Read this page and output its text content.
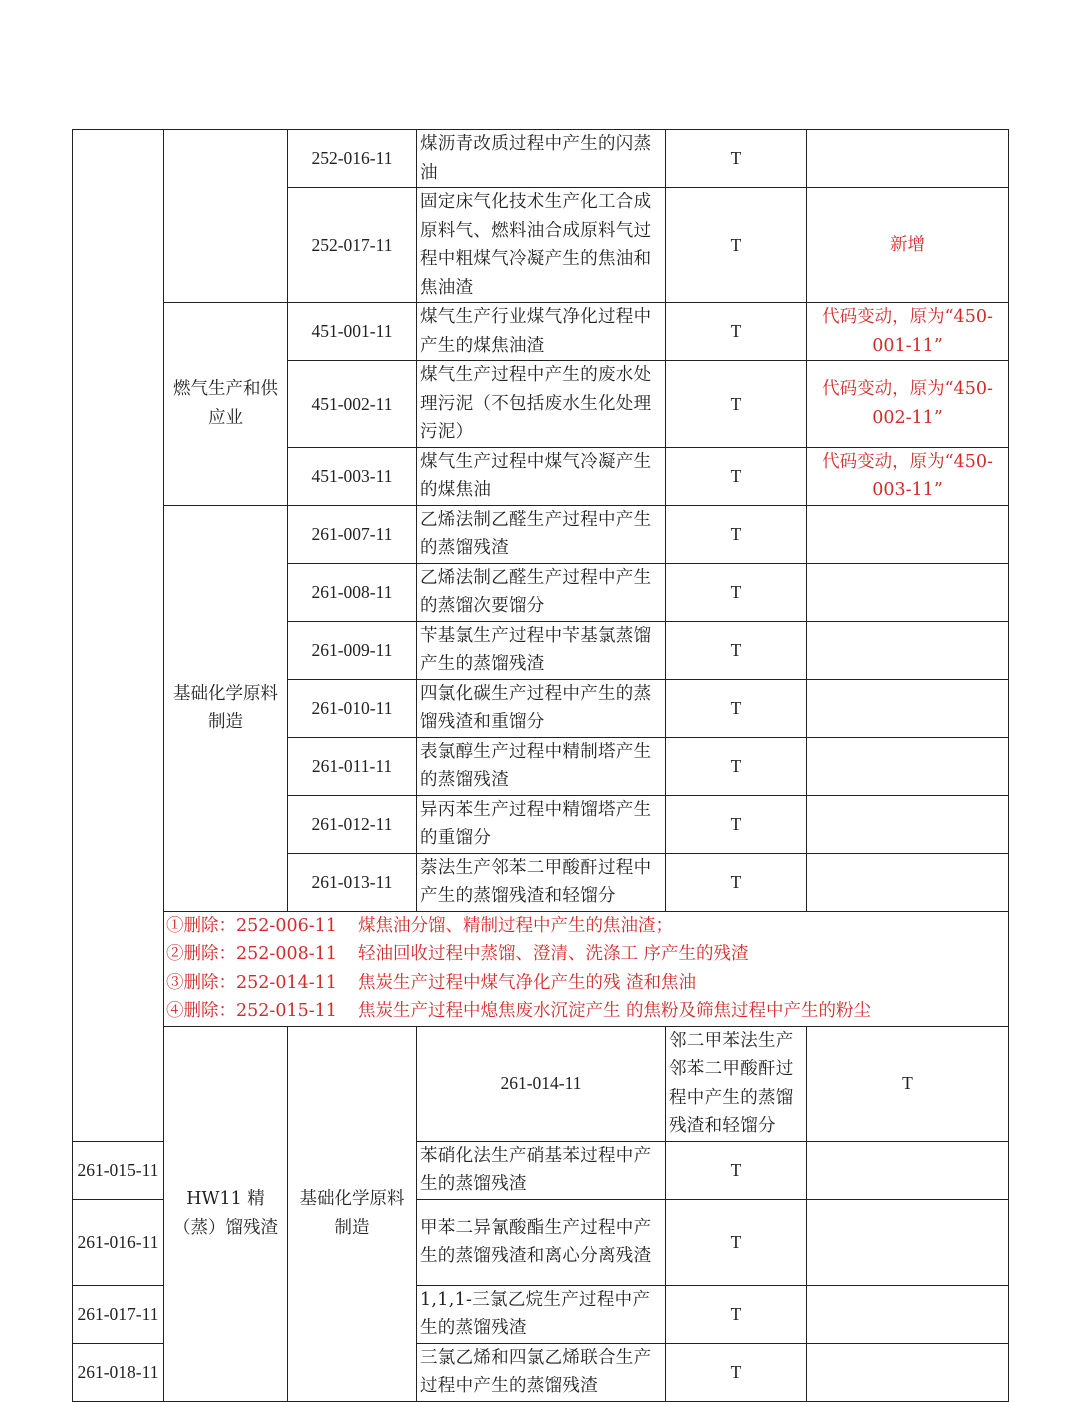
		252-016-11	煤沥青改质过程中产生的闪蒸油	T		
		252-017-11	固定床气化技术生产化工合成原料气、燃料油合成原料气过程中粗煤气冷凝产生的焦油和焦油渣	T	新增	
	燃气生产和供应业	451-001-11	煤气生产行业煤气净化过程中产生的煤焦油渣	T	代码变动，原为“450-001-11”	
		451-002-11	煤气生产过程中产生的废水处理污泥（不包括废水生化处理污泥）	T	代码变动，原为“450-002-11”	
		451-003-11	煤气生产过程中煤气冷凝产生的煤焦油	T	代码变动，原为“450-003-11”	
	基础化学原料制造	261-007-11	乙烯法制乙醛生产过程中产生的蒸馏残渣	T		
		261-008-11	乙烯法制乙醛生产过程中产生的蒸馏次要馏分	T		
		261-009-11	苄基氯生产过程中苄基氯蒸馏产生的蒸馏残渣	T		
		261-010-11	四氯化碳生产过程中产生的蒸馏残渣和重馏分	T		
		261-011-11	表氯醇生产过程中精制塔产生的蒸馏残渣	T		
		261-012-11	异丙苯生产过程中精馏塔产生的重馏分	T		
		261-013-11	萘法生产邻苯二甲酸酐过程中产生的蒸馏残渣和轻馏分	T		

	①删除：252-006-11 煤焦油分馏、精制过程中产生的焦油渣；
②删除：252-008-11 轻油回收过程中蒸馏、澄清、洗涤工 序产生的残渣
③删除：252-014-11 焦炭生产过程中煤气净化产生的残 渣和焦油
④删除：252-015-11 焦炭生产过程中熄焦废水沉淀产生 的焦粉及筛焦过程中产生的粉尘					

	HW11 精（蒸）馏残渣	基础化学原料制造	261-014-11	邻二甲苯法生产邻苯二甲酸酐过程中产生的蒸馏残渣和轻馏分	T	
261-015-11			苯硝化法生产硝基苯过程中产生的蒸馏残渣	T		
261-016-11			甲苯二异氰酸酯生产过程中产生的蒸馏残渣和离心分离残渣	T		
261-017-11			1,1,1-三氯乙烷生产过程中产生的蒸馏残渣	T		
261-018-11			三氯乙烯和四氯乙烯联合生产过程中产生的蒸馏残渣	T		
